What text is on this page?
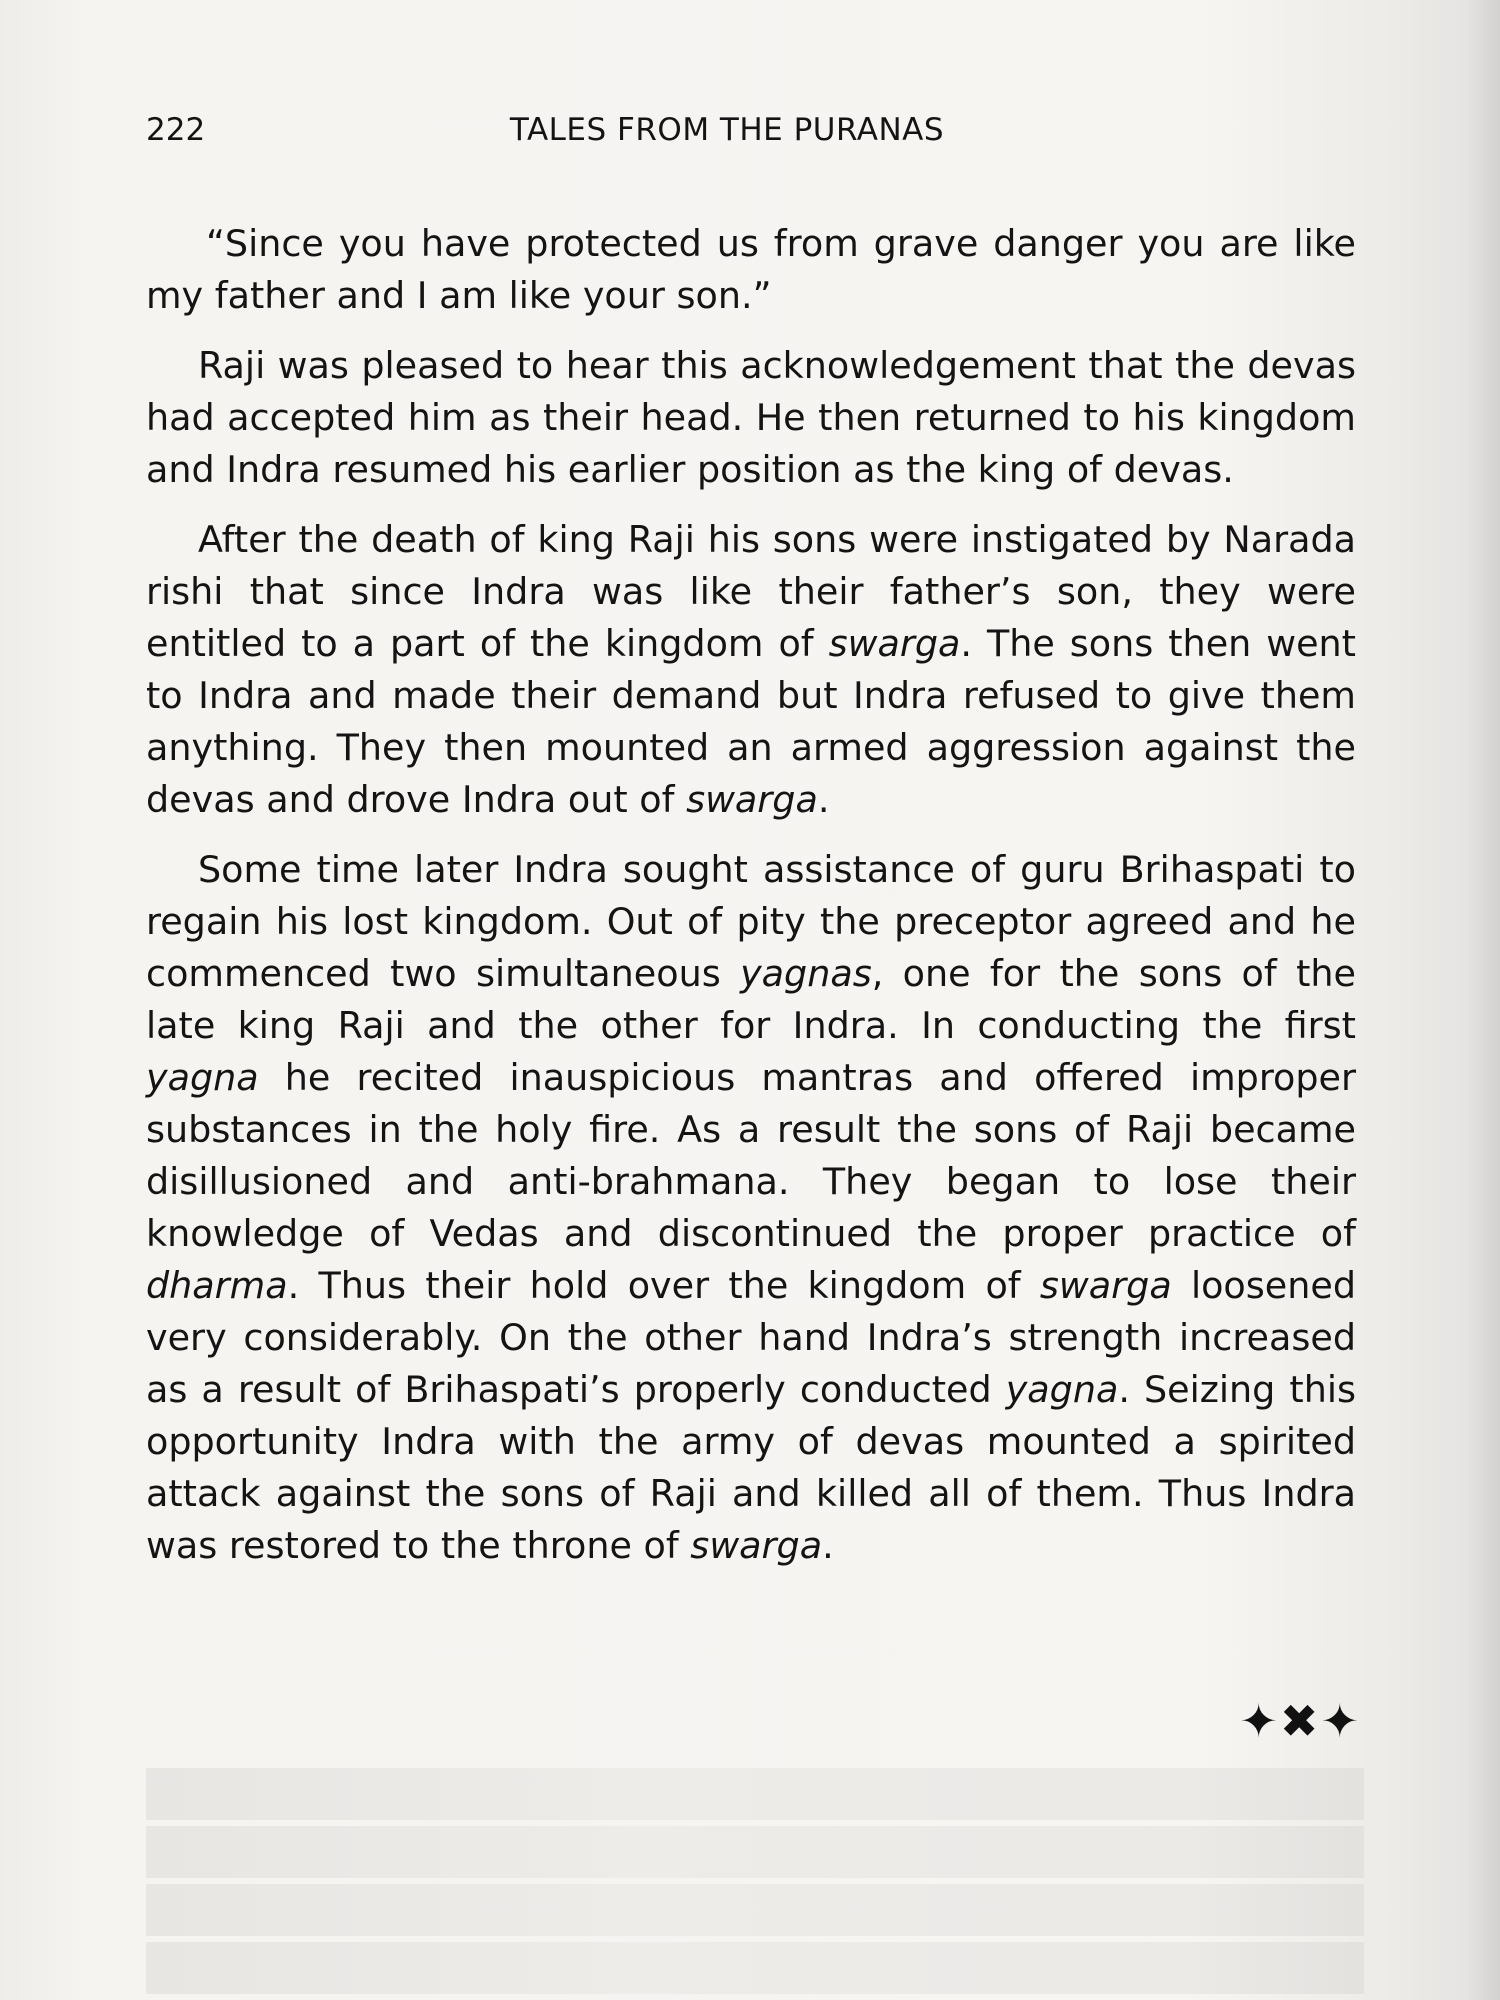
222	TALES FROM THE PURANAS

“Since you have protected us from grave danger you are like my father and I am like your son.”

Raji was pleased to hear this acknowledgement that the devas had accepted him as their head. He then returned to his kingdom and Indra resumed his earlier position as the king of devas.

After the death of king Raji his sons were instigated by Narada rishi that since Indra was like their father’s son, they were entitled to a part of the kingdom of swarga. The sons then went to Indra and made their demand but Indra refused to give them anything. They then mounted an armed aggression against the devas and drove Indra out of swarga.

Some time later Indra sought assistance of guru Brihaspati to regain his lost kingdom. Out of pity the preceptor agreed and he commenced two simultaneous yagnas, one for the sons of the late king Raji and the other for Indra. In conducting the first yagna he recited inauspicious mantras and offered improper substances in the holy fire. As a result the sons of Raji became disillusioned and anti-brahmana. They began to lose their knowledge of Vedas and discontinued the proper practice of dharma. Thus their hold over the kingdom of swarga loosened very considerably. On the other hand Indra’s strength increased as a result of Brihaspati’s properly conducted yagna. Seizing this opportunity Indra with the army of devas mounted a spirited attack against the sons of Raji and killed all of them. Thus Indra was restored to the throne of swarga.

✦✖✦
